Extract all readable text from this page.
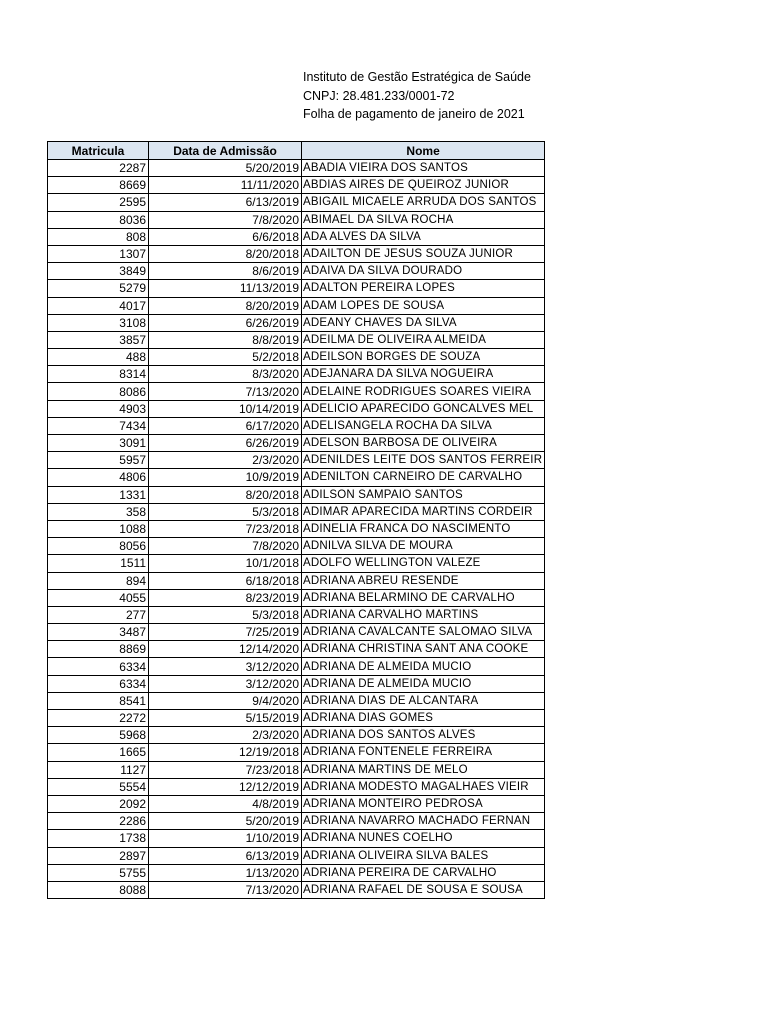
Instituto de Gestão Estratégica de Saúde
CNPJ: 28.481.233/0001-72
Folha de pagamento de janeiro de 2021
Matricula	Data de Admissão	Nome
2287	5/20/2019	ABADIA VIEIRA DOS SANTOS
8669	11/11/2020	ABDIAS AIRES DE QUEIROZ JUNIOR
2595	6/13/2019	ABIGAIL MICAELE ARRUDA DOS SANTOS
8036	7/8/2020	ABIMAEL DA SILVA ROCHA
808	6/6/2018	ADA ALVES DA SILVA
1307	8/20/2018	ADAILTON DE JESUS SOUZA JUNIOR
3849	8/6/2019	ADAIVA DA SILVA DOURADO
5279	11/13/2019	ADALTON PEREIRA LOPES
4017	8/20/2019	ADAM LOPES DE SOUSA
3108	6/26/2019	ADEANY CHAVES DA SILVA
3857	8/8/2019	ADEILMA DE OLIVEIRA ALMEIDA
488	5/2/2018	ADEILSON BORGES DE SOUZA
8314	8/3/2020	ADEJANARA DA SILVA NOGUEIRA
8086	7/13/2020	ADELAINE RODRIGUES SOARES VIEIRA
4903	10/14/2019	ADELICIO APARECIDO GONCALVES MEL
7434	6/17/2020	ADELISANGELA ROCHA DA SILVA
3091	6/26/2019	ADELSON BARBOSA DE OLIVEIRA
5957	2/3/2020	ADENILDES LEITE DOS SANTOS FERREIR
4806	10/9/2019	ADENILTON CARNEIRO DE CARVALHO
1331	8/20/2018	ADILSON SAMPAIO SANTOS
358	5/3/2018	ADIMAR APARECIDA MARTINS CORDEIR
1088	7/23/2018	ADINELIA FRANCA DO NASCIMENTO
8056	7/8/2020	ADNILVA SILVA DE MOURA
1511	10/1/2018	ADOLFO WELLINGTON VALEZE
894	6/18/2018	ADRIANA ABREU RESENDE
4055	8/23/2019	ADRIANA BELARMINO DE CARVALHO
277	5/3/2018	ADRIANA CARVALHO MARTINS
3487	7/25/2019	ADRIANA CAVALCANTE SALOMAO SILVA
8869	12/14/2020	ADRIANA CHRISTINA SANT ANA COOKE
6334	3/12/2020	ADRIANA DE ALMEIDA MUCIO
6334	3/12/2020	ADRIANA DE ALMEIDA MUCIO
8541	9/4/2020	ADRIANA DIAS DE ALCANTARA
2272	5/15/2019	ADRIANA DIAS GOMES
5968	2/3/2020	ADRIANA DOS SANTOS ALVES
1665	12/19/2018	ADRIANA FONTENELE FERREIRA
1127	7/23/2018	ADRIANA MARTINS DE MELO
5554	12/12/2019	ADRIANA MODESTO MAGALHAES VIEIR
2092	4/8/2019	ADRIANA MONTEIRO PEDROSA
2286	5/20/2019	ADRIANA NAVARRO MACHADO FERNAN
1738	1/10/2019	ADRIANA NUNES COELHO
2897	6/13/2019	ADRIANA OLIVEIRA SILVA BALES
5755	1/13/2020	ADRIANA PEREIRA DE CARVALHO
8088	7/13/2020	ADRIANA RAFAEL DE SOUSA E SOUSA
